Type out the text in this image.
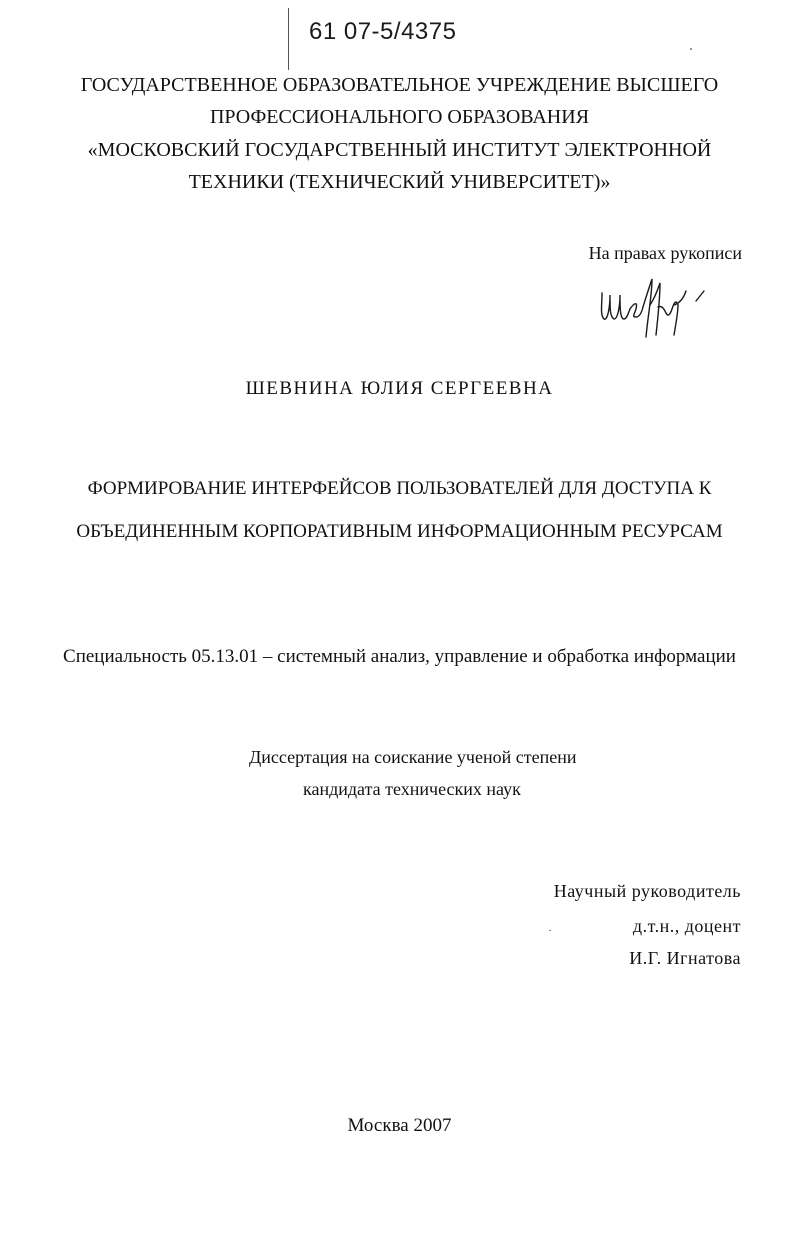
61 07-5/4375
ГОСУДАРСТВЕННОЕ ОБРАЗОВАТЕЛЬНОЕ УЧРЕЖДЕНИЕ ВЫСШЕГО
ПРОФЕССИОНАЛЬНОГО ОБРАЗОВАНИЯ
«МОСКОВСКИЙ ГОСУДАРСТВЕННЫЙ ИНСТИТУТ ЭЛЕКТРОННОЙ
ТЕХНИКИ (ТЕХНИЧЕСКИЙ УНИВЕРСИТЕТ)»
На правах рукописи
ШЕВНИНА ЮЛИЯ СЕРГЕЕВНА
ФОРМИРОВАНИЕ ИНТЕРФЕЙСОВ ПОЛЬЗОВАТЕЛЕЙ ДЛЯ ДОСТУПА К
ОБЪЕДИНЕННЫМ КОРПОРАТИВНЫМ ИНФОРМАЦИОННЫМ РЕСУРСАМ
Специальность 05.13.01 – системный анализ, управление и обработка информации
Диссертация на соискание ученой степени
кандидата технических наук
Научный руководитель
д.т.н., доцент
И.Г. Игнатова
Москва 2007
